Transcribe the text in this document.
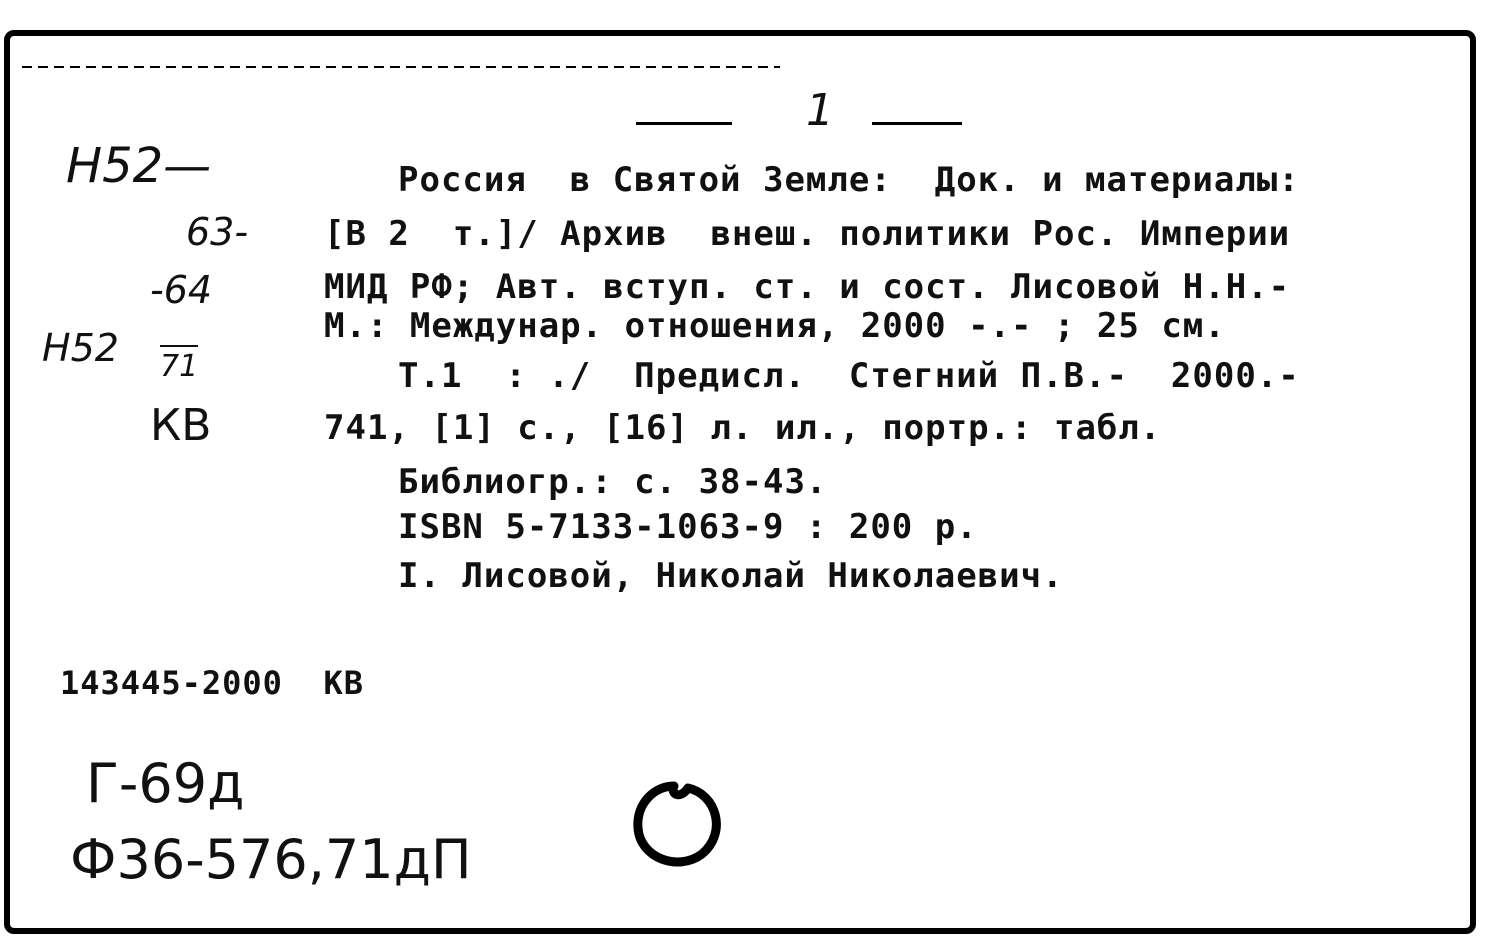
1
Н52—
63-
-64
Н52 71
КВ
Россия  в Святой Земле:  Док. и материалы:
[В 2  т.]/ Архив  внеш. политики Рос. Империи
МИД РФ; Авт. вступ. ст. и сост. Лисовой Н.Н.-
М.: Междунар. отношения, 2000 -.- ; 25 см.
Т.1  : ./  Предисл.  Стегний П.В.-  2000.-
741, [1] с., [16] л. ил., портр.: табл.
Библиогр.: с. 38-43.
ISBN 5-7133-1063-9 : 200 р.
I. Лисовой, Николай Николаевич.
143445-2000  КВ
Г-69д
Ф36-576,71дП
